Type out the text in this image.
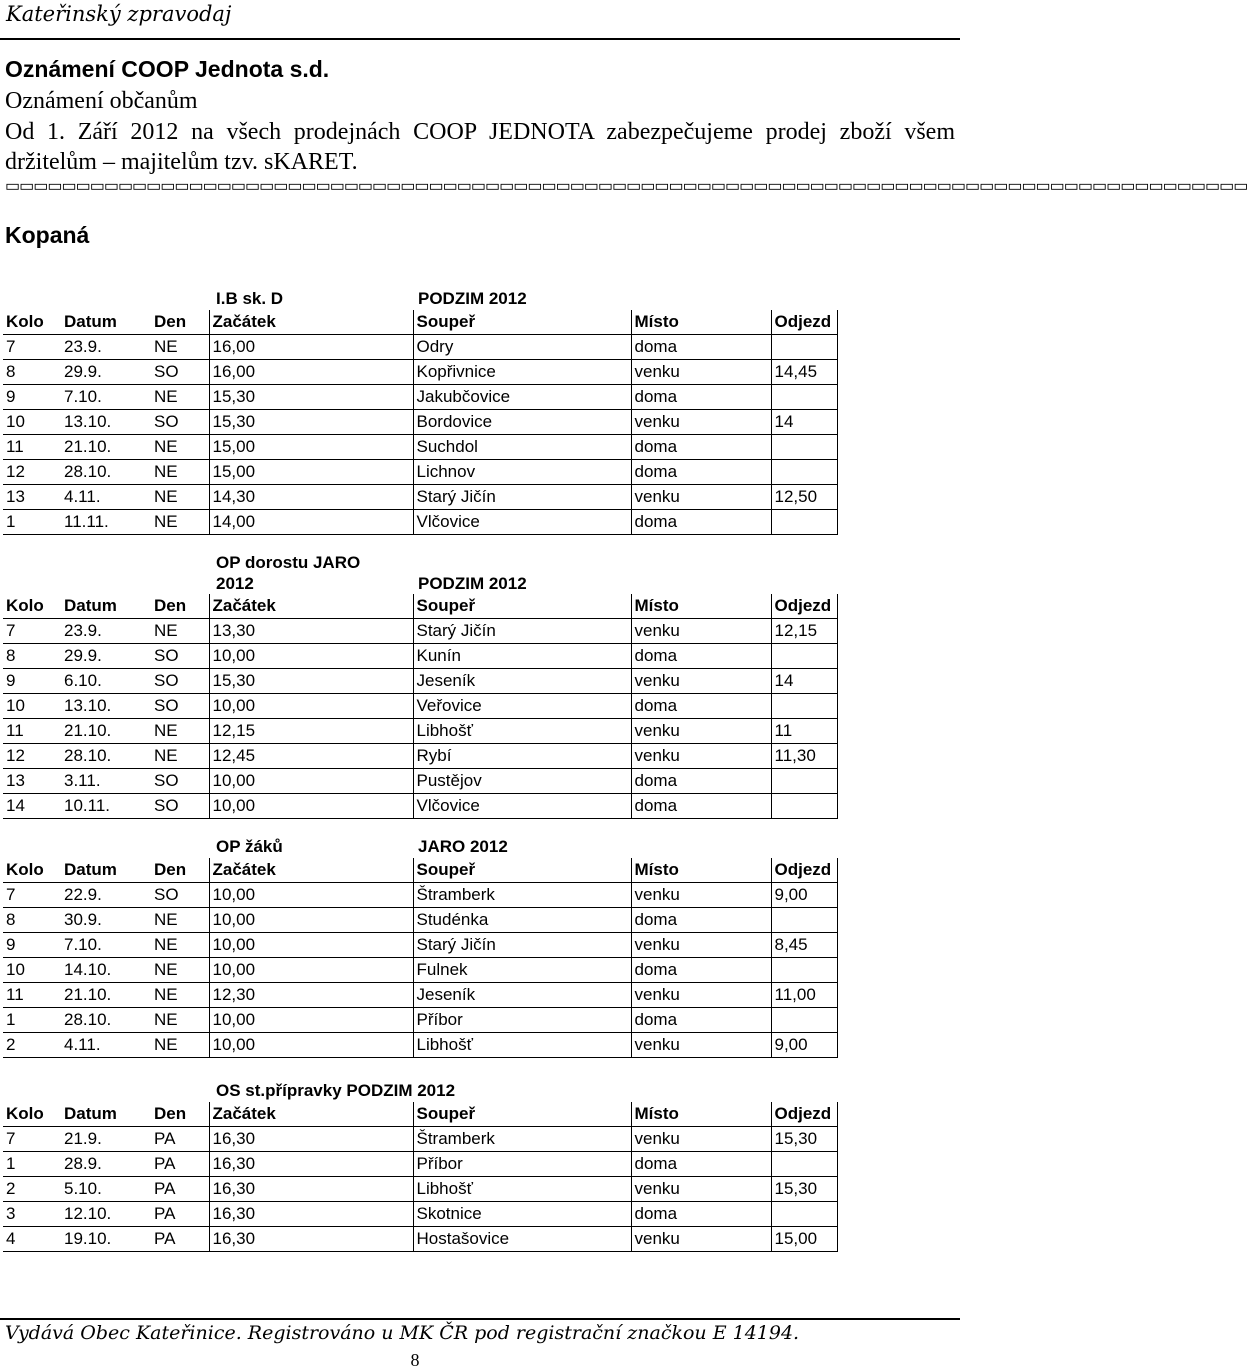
Kateřinský zpravodaj
Oznámení COOP Jednota s.d.
Oznámení občanům
Od 1. Září 2012 na všech prodejnách COOP JEDNOTA zabezpečujeme prodej zboží všem držitelům – majitelům tzv. sKARET.
▭▭▭▭▭▭▭▭▭▭▭▭▭▭▭▭▭▭▭▭▭▭▭▭▭▭▭▭▭▭▭▭▭▭▭▭▭▭▭▭▭▭▭▭▭▭▭▭▭▭▭▭▭▭▭▭▭▭▭▭▭▭▭▭▭▭▭▭▭▭▭▭▭▭▭▭▭▭▭▭▭▭▭▭▭▭▭▭
Kopaná
I.B sk. D	PODZIM 2012
Kolo	Datum	Den	Začátek	Soupeř	Místo	Odjezd
7	23.9.	NE	16,00	Odry	doma	
8	29.9.	SO	16,00	Kopřivnice	venku	14,45
9	7.10.	NE	15,30	Jakubčovice	doma	
10	13.10.	SO	15,30	Bordovice	venku	14
11	21.10.	NE	15,00	Suchdol	doma	
12	28.10.	NE	15,00	Lichnov	doma	
13	4.11.	NE	14,30	Starý Jičín	venku	12,50
1	11.11.	NE	14,00	Vlčovice	doma	
OP dorostu JARO 2012	PODZIM 2012
Kolo	Datum	Den	Začátek	Soupeř	Místo	Odjezd
7	23.9.	NE	13,30	Starý Jičín	venku	12,15
8	29.9.	SO	10,00	Kunín	doma	
9	6.10.	SO	15,30	Jeseník	venku	14
10	13.10.	SO	10,00	Veřovice	doma	
11	21.10.	NE	12,15	Libhošť	venku	11
12	28.10.	NE	12,45	Rybí	venku	11,30
13	3.11.	SO	10,00	Pustějov	doma	
14	10.11.	SO	10,00	Vlčovice	doma	
OP žáků	JARO 2012
Kolo	Datum	Den	Začátek	Soupeř	Místo	Odjezd
7	22.9.	SO	10,00	Štramberk	venku	9,00
8	30.9.	NE	10,00	Studénka	doma	
9	7.10.	NE	10,00	Starý Jičín	venku	8,45
10	14.10.	NE	10,00	Fulnek	doma	
11	21.10.	NE	12,30	Jeseník	venku	11,00
1	28.10.	NE	10,00	Příbor	doma	
2	4.11.	NE	10,00	Libhošť	venku	9,00
OS st.přípravky PODZIM 2012
Kolo	Datum	Den	Začátek	Soupeř	Místo	Odjezd
7	21.9.	PA	16,30	Štramberk	venku	15,30
1	28.9.	PA	16,30	Příbor	doma	
2	5.10.	PA	16,30	Libhošť	venku	15,30
3	12.10.	PA	16,30	Skotnice	doma	
4	19.10.	PA	16,30	Hostašovice	venku	15,00
Vydává Obec Kateřinice. Registrováno u MK ČR pod registrační značkou E 14194.
8
